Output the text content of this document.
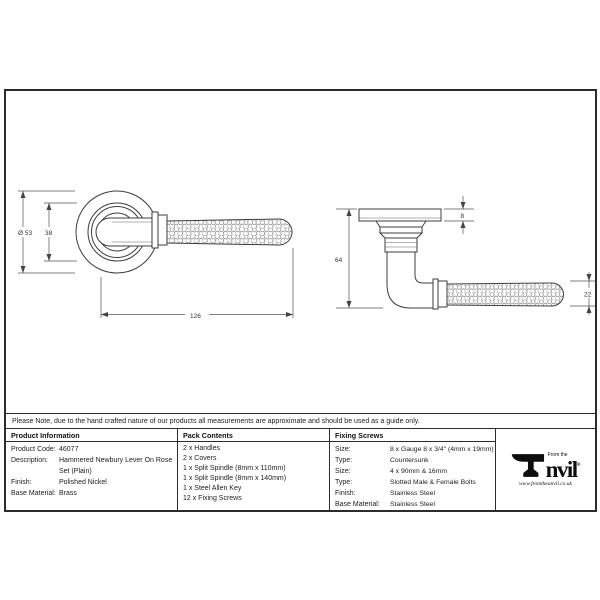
Ø 53 38
126
64
8
22
Please Note, due to the hand crafted nature of our products all measurements are approximate and should be used as a guide only.
Product Information	Pack Contents	Fixing Screws
From the
nvil®
www.fromtheanvil.co.uk
Product Code: 46077
Description:	Hammered Newbury Lever On Rose Set (Plain)
Finish:	Polished Nickel
Base Material: Brass
2 x Handles
2 x Covers
1 x Split Spindle (8mm x 110mm)
1 x Split Spindle (8mm x 140mm)
1 x Steel Allen Key
12 x Fixing Screws
Size:	8 x Gauge 8 x 3/4" (4mm x 19mm)
Type:	Countersunk
Size:	4 x 90mm & 16mm
Type:	Slotted Male & Female Bolts
Finish:	Stainless Steel
Base Material:	Stainless Steel
